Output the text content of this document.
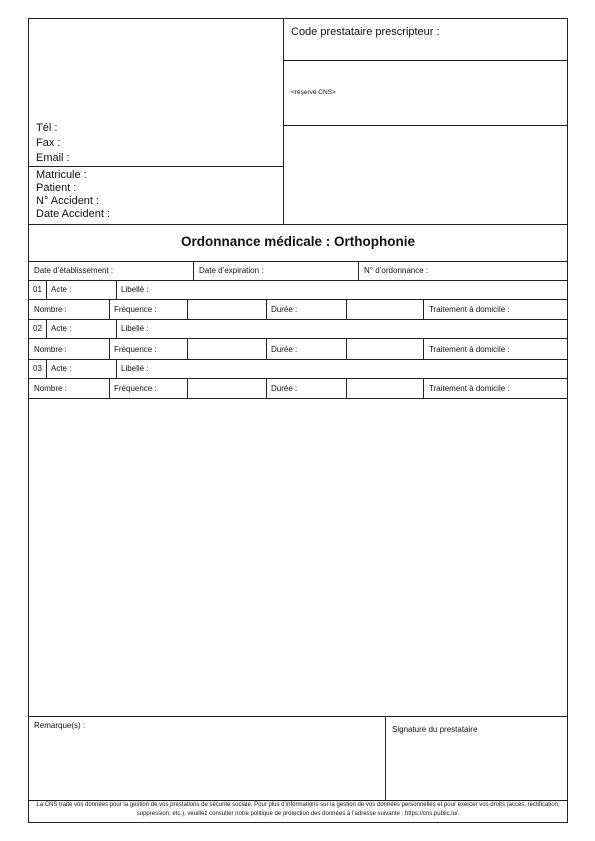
Tél :
Fax :
Email :
Matricule :
Patient :
N° Accident :
Date Accident :
Code prestataire prescripteur :
<réservé CNS>
Ordonnance médicale : Orthophonie
Date d’établissement :	Date d’expiration :	N° d’ordonnance :
01 Acte :	Libellé :
Nombre :	Fréquence :	Durée :	Traitement à domicile :
02 Acte :	Libellé :
Nombre :	Fréquence :	Durée :	Traitement à domicile :
03 Acte :	Libellé :
Nombre :	Fréquence :	Durée :	Traitement à domicile :
Remarque(s) :	Signature du prestataire
La CNS traite vos données pour la gestion de vos prestations de sécurité sociale. Pour plus d’informations sur la gestion de vos données personnelles et pour exercer vos droits (accès, rectification, suppression, etc.), veuillez consulter notre politique de protection des données à l’adresse suivante : https://cns.public.lu/.
